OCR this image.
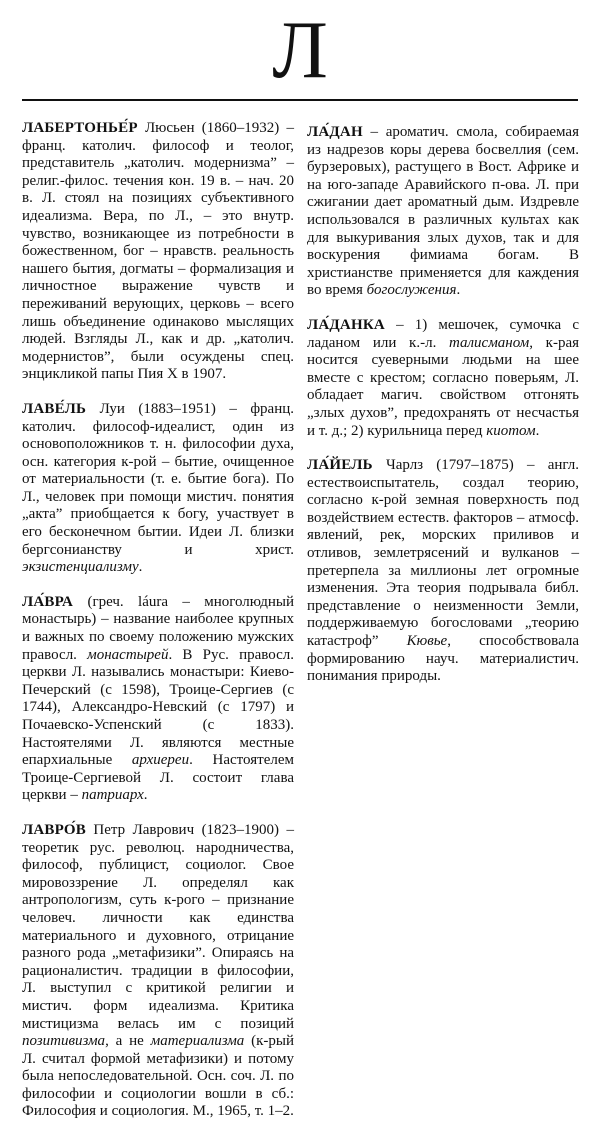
Л

ЛАБЕРТОНЬЕ́Р Люсьен (1860–1932) – франц. католич. философ и теолог, представитель „католич. модернизма” – религ.-филос. течения кон. 19 в. – нач. 20 в. Л. стоял на позициях субъективного идеализма. Вера, по Л., – это внутр. чувство, возникающее из потребности в божественном, бог – нравств. реальность нашего бытия, догматы – формализация и личностное выражение чувств и переживаний верующих, церковь – всего лишь объединение одинаково мыслящих людей. Взгляды Л., как и др. „католич. модернистов”, были осуждены спец. энцикликой папы Пия X в 1907.

ЛАВЕ́ЛЬ Луи (1883–1951) – франц. католич. философ-идеалист, один из основоположников т. н. философии духа, осн. категория к-рой – бытие, очищенное от материальности (т. е. бытие бога). По Л., человек при помощи мистич. понятия „акта” приобщается к богу, участвует в его бесконечном бытии. Идеи Л. близки бергсонианству и христ. экзистенциализму.

ЛА́ВРА (греч. láura – многолюдный монастырь) – название наиболее крупных и важных по своему положению мужских правосл. монастырей. В Рус. правосл. церкви Л. назывались монастыри: Киево-Печерский (с 1598), Троице-Сергиев (с 1744), Александро-Невский (с 1797) и Почаевско-Успенский (с 1833). Настоятелями Л. являются местные епархиальные архиереи. Настоятелем Троице-Сергиевой Л. состоит глава церкви – патриарх.

ЛАВРО́В Петр Лаврович (1823–1900) – теоретик рус. революц. народничества, философ, публицист, социолог. Свое мировоззрение Л. определял как антропологизм, суть к-рого – признание человеч. личности как единства материального и духовного, отрицание разного рода „метафизики”. Опираясь на рационалистич. традиции в философии, Л. выступил с критикой религии и мистич. форм идеализма. Критика мистицизма велась им с позиций позитивизма, а не материализма (к-рый Л. считал формой метафизики) и потому была непоследовательной. Осн. соч. Л. по философии и социологии вошли в сб.: Философия и социология. М., 1965, т. 1–2.

ЛА́ДАН – ароматич. смола, собираемая из надрезов коры дерева босвеллия (сем. бурзеровых), растущего в Вост. Африке и на юго-западе Аравийского п-ова. Л. при сжигании дает ароматный дым. Издревле использовался в различных культах как для выкуривания злых духов, так и для воскурения фимиама богам. В христианстве применяется для каждения во время богослужения.

ЛА́ДАНКА – 1) мешочек, сумочка с ладаном или к.-л. талисманом, к-рая носится суеверными людьми на шее вместе с крестом; согласно поверьям, Л. обладает магич. свойством отгонять „злых духов”, предохранять от несчастья и т. д.; 2) курильница перед киотом.

ЛА́ЙЕЛЬ Чарлз (1797–1875) – англ. естествоиспытатель, создал теорию, согласно к-рой земная поверхность под воздействием естеств. факторов – атмосф. явлений, рек, морских приливов и отливов, землетрясений и вулканов – претерпела за миллионы лет огромные изменения. Эта теория подрывала библ. представление о неизменности Земли, поддерживаемую богословами „теорию катастроф” Кювье, способствовала формированию науч. материалистич. понимания природы.
